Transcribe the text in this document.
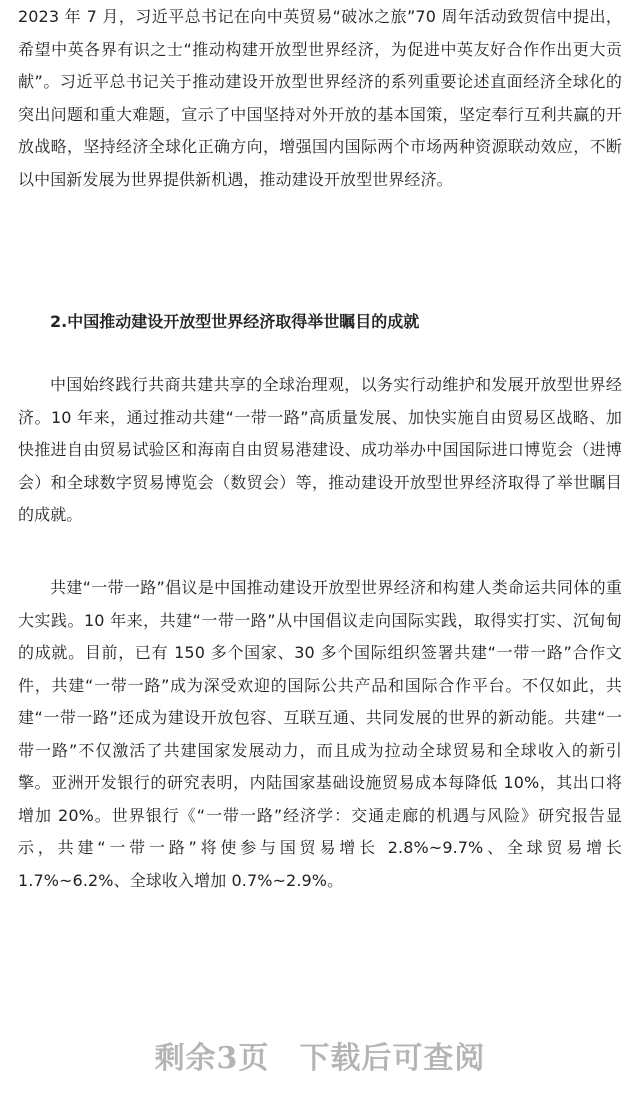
2023 年 7 月，习近平总书记在向中英贸易“破冰之旅”70 周年活动致贺信中提出，希望中英各界有识之士“推动构建开放型世界经济，为促进中英友好合作作出更大贡献”。习近平总书记关于推动建设开放型世界经济的系列重要论述直面经济全球化的突出问题和重大难题，宣示了中国坚持对外开放的基本国策，坚定奉行互利共赢的开放战略，坚持经济全球化正确方向，增强国内国际两个市场两种资源联动效应，不断以中国新发展为世界提供新机遇，推动建设开放型世界经济。

2.中国推动建设开放型世界经济取得举世瞩目的成就

中国始终践行共商共建共享的全球治理观，以务实行动维护和发展开放型世界经济。10 年来，通过推动共建“一带一路”高质量发展、加快实施自由贸易区战略、加快推进自由贸易试验区和海南自由贸易港建设、成功举办中国国际进口博览会（进博会）和全球数字贸易博览会（数贸会）等，推动建设开放型世界经济取得了举世瞩目的成就。

共建“一带一路”倡议是中国推动建设开放型世界经济和构建人类命运共同体的重大实践。10 年来，共建“一带一路”从中国倡议走向国际实践，取得实打实、沉甸甸的成就。目前，已有 150 多个国家、30 多个国际组织签署共建“一带一路”合作文件，共建“一带一路”成为深受欢迎的国际公共产品和国际合作平台。不仅如此，共建“一带一路”还成为建设开放包容、互联互通、共同发展的世界的新动能。共建“一带一路”不仅激活了共建国家发展动力，而且成为拉动全球贸易和全球收入的新引擎。亚洲开发银行的研究表明，内陆国家基础设施贸易成本每降低 10%，其出口将增加 20%。世界银行《“一带一路”经济学：交通走廊的机遇与风险》研究报告显示，共建“一带一路”将使参与国贸易增长 2.8%~9.7%、全球贸易增长 1.7%~6.2%、全球收入增加 0.7%~2.9%。

剩余3页 下载后可查阅
